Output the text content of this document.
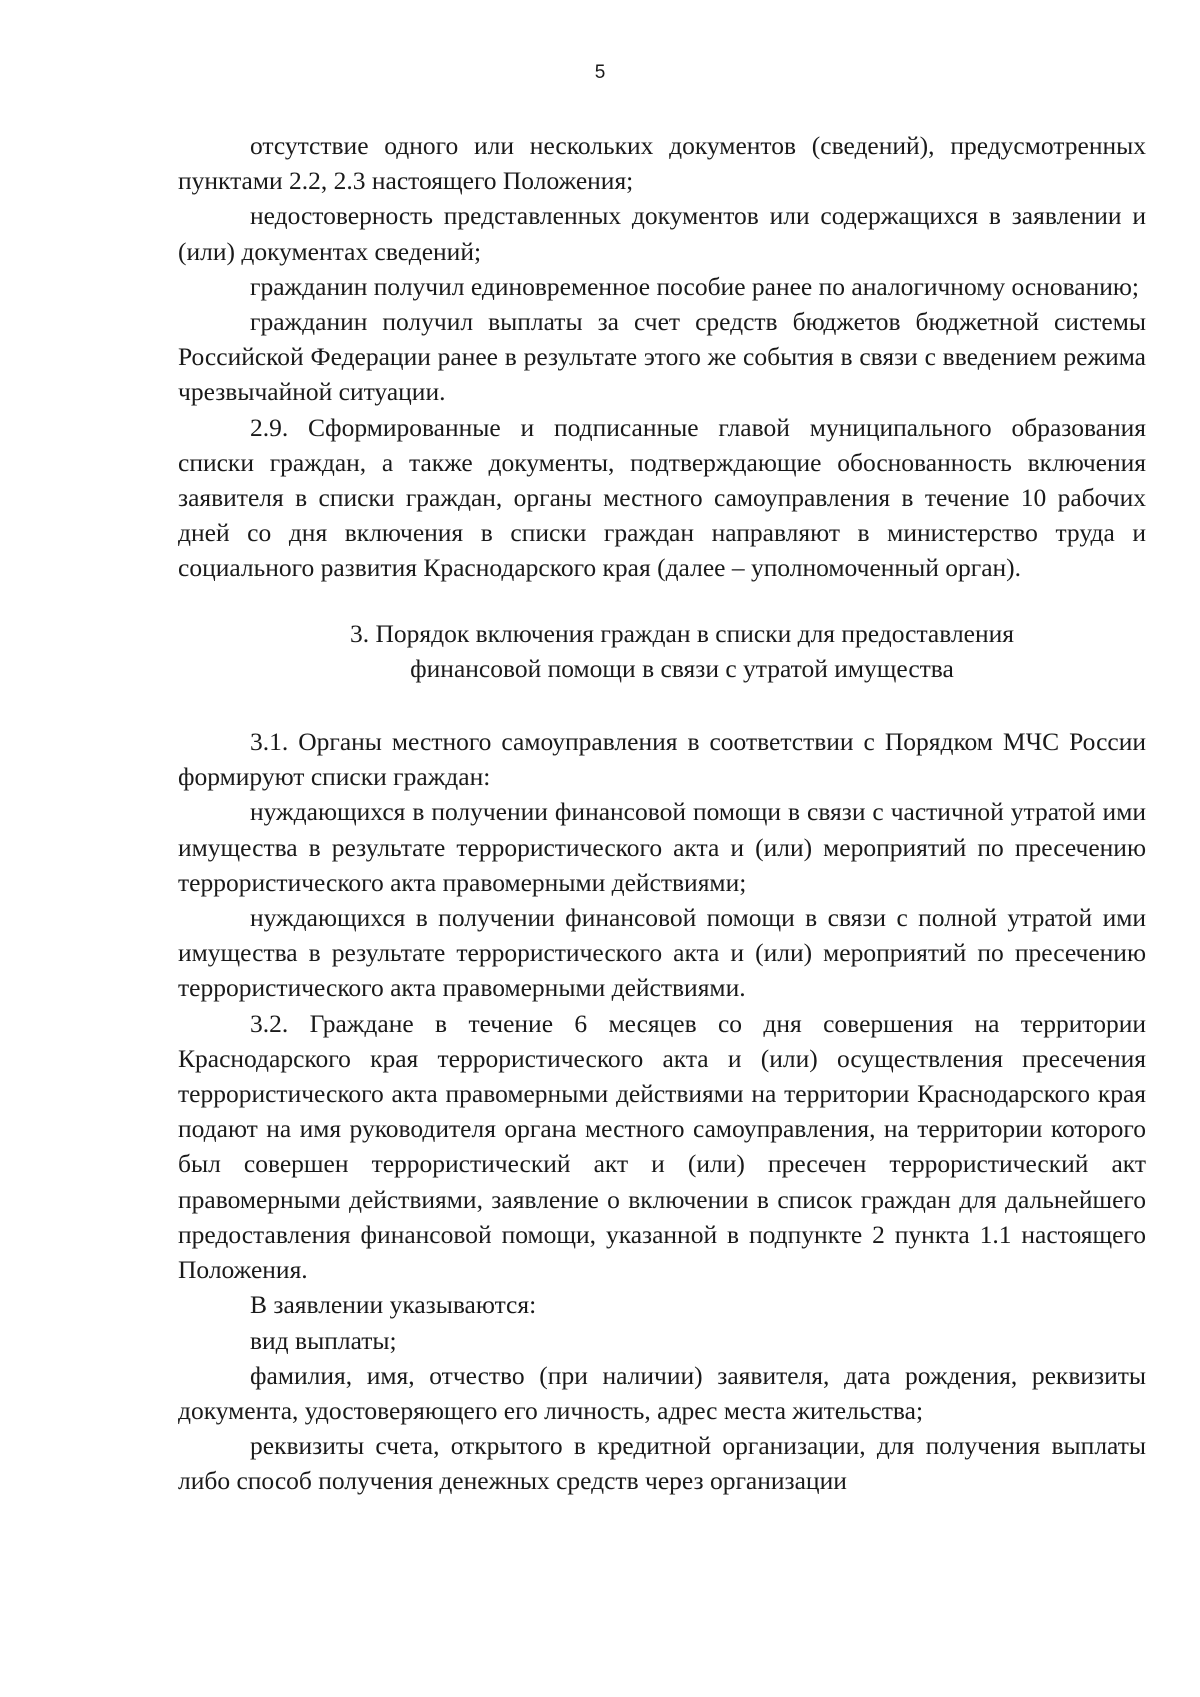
5

отсутствие одного или нескольких документов (сведений), предусмотренных пунктами 2.2, 2.3 настоящего Положения;

недостоверность представленных документов или содержащихся в заявлении и (или) документах сведений;

гражданин получил единовременное пособие ранее по аналогичному основанию;

гражданин получил выплаты за счет средств бюджетов бюджетной системы Российской Федерации ранее в результате этого же события в связи с введением режима чрезвычайной ситуации.

2.9. Сформированные и подписанные главой муниципального образования списки граждан, а также документы, подтверждающие обоснованность включения заявителя в списки граждан, органы местного самоуправления в течение 10 рабочих дней со дня включения в списки граждан направляют в министерство труда и социального развития Краснодарского края (далее – уполномоченный орган).

3. Порядок включения граждан в списки для предоставления
финансовой помощи в связи с утратой имущества

3.1. Органы местного самоуправления в соответствии с Порядком МЧС России формируют списки граждан:

нуждающихся в получении финансовой помощи в связи с частичной утратой ими имущества в результате террористического акта и (или) мероприятий по пресечению террористического акта правомерными действиями;

нуждающихся в получении финансовой помощи в связи с полной утратой ими имущества в результате террористического акта и (или) мероприятий по пресечению террористического акта правомерными действиями.

3.2. Граждане в течение 6 месяцев со дня совершения на территории Краснодарского края террористического акта и (или) осуществления пресечения террористического акта правомерными действиями на территории Краснодарского края подают на имя руководителя органа местного самоуправления, на территории которого был совершен террористический акт и (или) пресечен террористический акт правомерными действиями, заявление о включении в список граждан для дальнейшего предоставления финансовой помощи, указанной в подпункте 2 пункта 1.1 настоящего Положения.

В заявлении указываются:

вид выплаты;

фамилия, имя, отчество (при наличии) заявителя, дата рождения, реквизиты документа, удостоверяющего его личность, адрес места жительства;

реквизиты счета, открытого в кредитной организации, для получения выплаты либо способ получения денежных средств через организации
